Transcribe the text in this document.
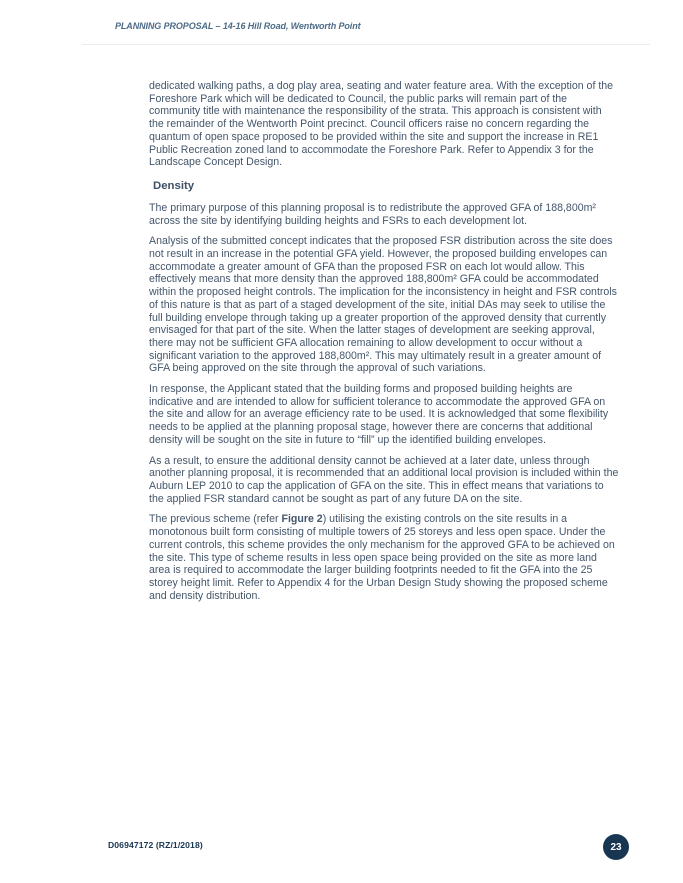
PLANNING PROPOSAL – 14-16 Hill Road, Wentworth Point

dedicated walking paths, a dog play area, seating and water feature area. With the exception of the Foreshore Park which will be dedicated to Council, the public parks will remain part of the community title with maintenance the responsibility of the strata. This approach is consistent with the remainder of the Wentworth Point precinct. Council officers raise no concern regarding the quantum of open space proposed to be provided within the site and support the increase in RE1 Public Recreation zoned land to accommodate the Foreshore Park. Refer to Appendix 3 for the Landscape Concept Design.

Density

The primary purpose of this planning proposal is to redistribute the approved GFA of 188,800m² across the site by identifying building heights and FSRs to each development lot.

Analysis of the submitted concept indicates that the proposed FSR distribution across the site does not result in an increase in the potential GFA yield. However, the proposed building envelopes can accommodate a greater amount of GFA than the proposed FSR on each lot would allow. This effectively means that more density than the approved 188,800m² GFA could be accommodated within the proposed height controls. The implication for the inconsistency in height and FSR controls of this nature is that as part of a staged development of the site, initial DAs may seek to utilise the full building envelope through taking up a greater proportion of the approved density that currently envisaged for that part of the site. When the latter stages of development are seeking approval, there may not be sufficient GFA allocation remaining to allow development to occur without a significant variation to the approved 188,800m². This may ultimately result in a greater amount of GFA being approved on the site through the approval of such variations.

In response, the Applicant stated that the building forms and proposed building heights are indicative and are intended to allow for sufficient tolerance to accommodate the approved GFA on the site and allow for an average efficiency rate to be used. It is acknowledged that some flexibility needs to be applied at the planning proposal stage, however there are concerns that additional density will be sought on the site in future to “fill” up the identified building envelopes.

As a result, to ensure the additional density cannot be achieved at a later date, unless through another planning proposal, it is recommended that an additional local provision is included within the Auburn LEP 2010 to cap the application of GFA on the site. This in effect means that variations to the applied FSR standard cannot be sought as part of any future DA on the site.

The previous scheme (refer Figure 2) utilising the existing controls on the site results in a monotonous built form consisting of multiple towers of 25 storeys and less open space. Under the current controls, this scheme provides the only mechanism for the approved GFA to be achieved on the site. This type of scheme results in less open space being provided on the site as more land area is required to accommodate the larger building footprints needed to fit the GFA into the 25 storey height limit. Refer to Appendix 4 for the Urban Design Study showing the proposed scheme and density distribution.

D06947172 (RZ/1/2018)	23
